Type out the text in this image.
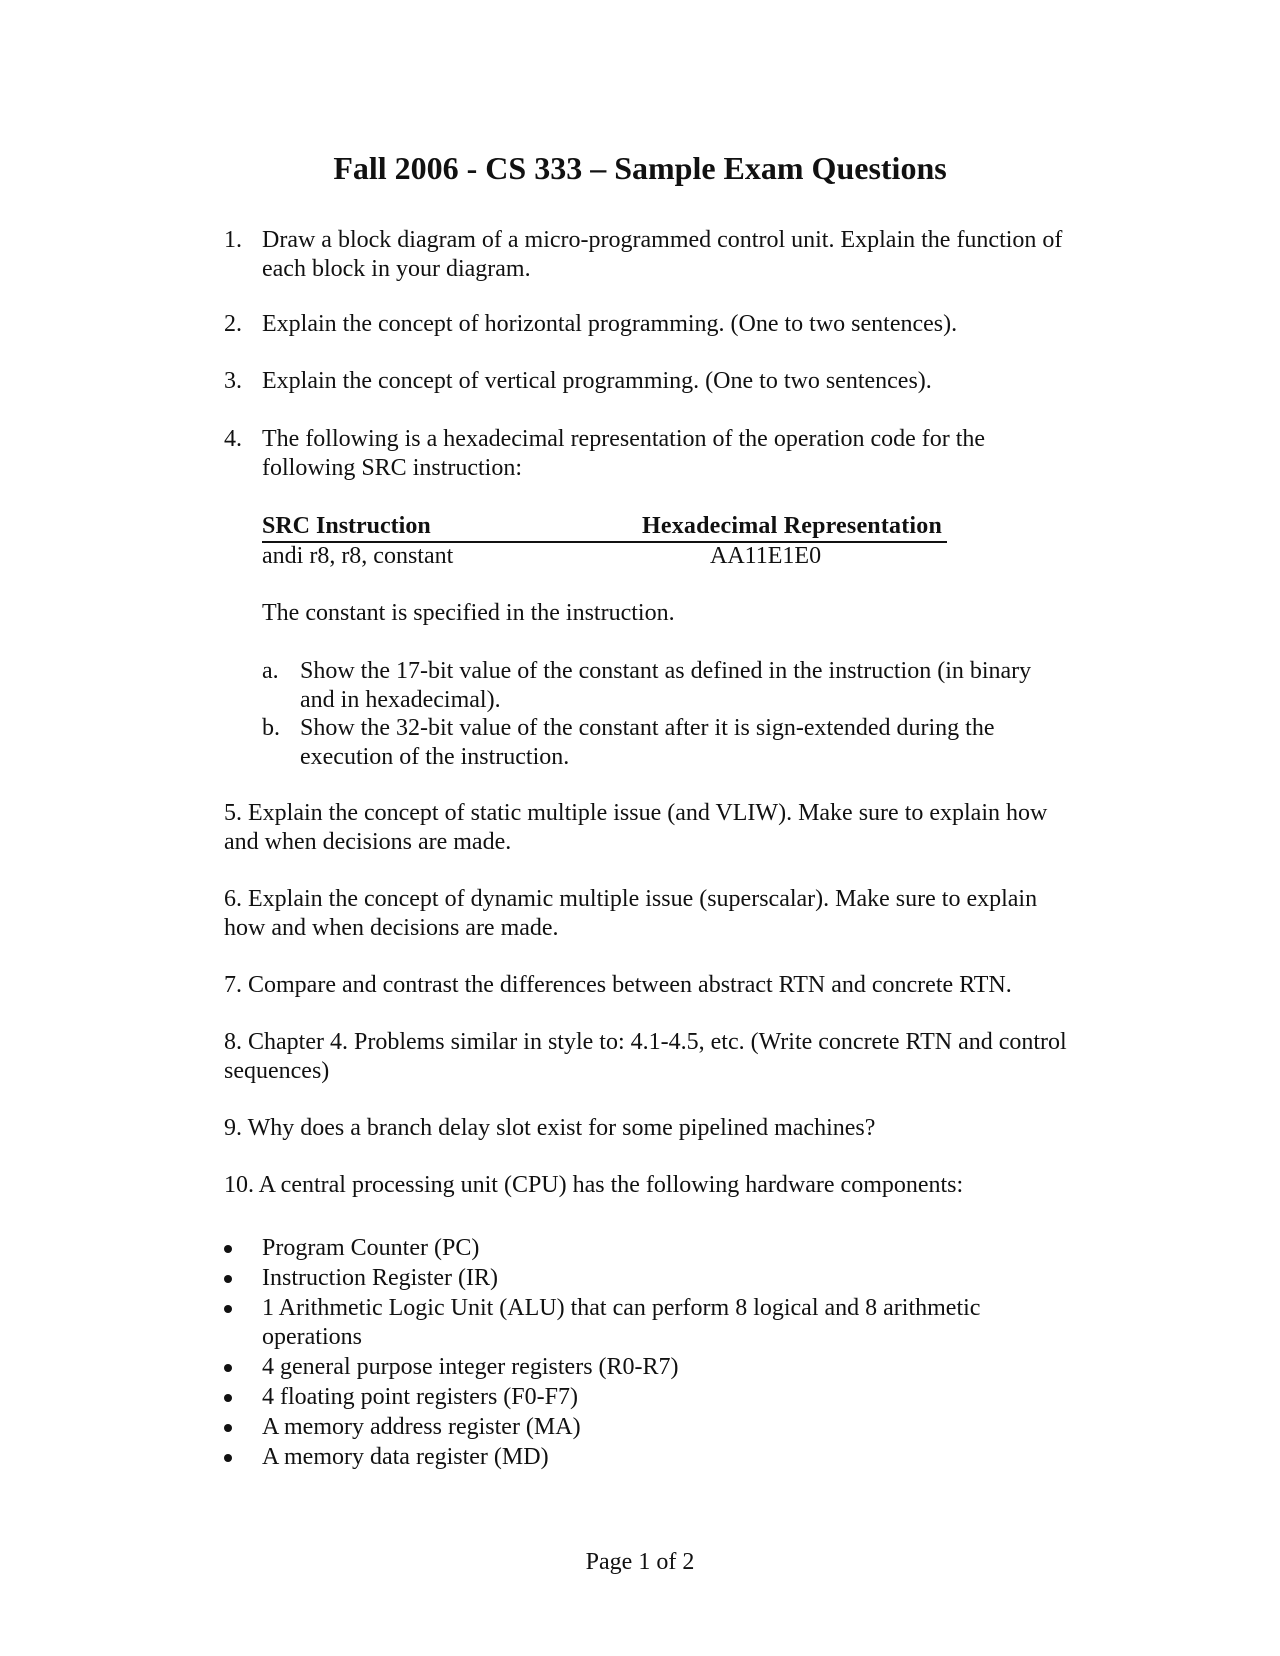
Fall 2006 - CS 333 – Sample Exam Questions
1. Draw a block diagram of a micro-programmed control unit. Explain the function of each block in your diagram.
2. Explain the concept of horizontal programming. (One to two sentences).
3. Explain the concept of vertical programming. (One to two sentences).
4. The following is a hexadecimal representation of the operation code for the following SRC instruction:
SRC Instruction	Hexadecimal Representation
andi r8, r8, constant	AA11E1E0
The constant is specified in the instruction.
a. Show the 17-bit value of the constant as defined in the instruction (in binary and in hexadecimal).
b. Show the 32-bit value of the constant after it is sign-extended during the execution of the instruction.
5. Explain the concept of static multiple issue (and VLIW). Make sure to explain how and when decisions are made.
6. Explain the concept of dynamic multiple issue (superscalar). Make sure to explain how and when decisions are made.
7. Compare and contrast the differences between abstract RTN and concrete RTN.
8. Chapter 4. Problems similar in style to: 4.1-4.5, etc. (Write concrete RTN and control sequences)
9. Why does a branch delay slot exist for some pipelined machines?
10. A central processing unit (CPU) has the following hardware components:
Program Counter (PC)
Instruction Register (IR)
1 Arithmetic Logic Unit (ALU) that can perform 8 logical and 8 arithmetic operations
4 general purpose integer registers (R0-R7)
4 floating point registers (F0-F7)
A memory address register (MA)
A memory data register (MD)
Page 1 of 2
